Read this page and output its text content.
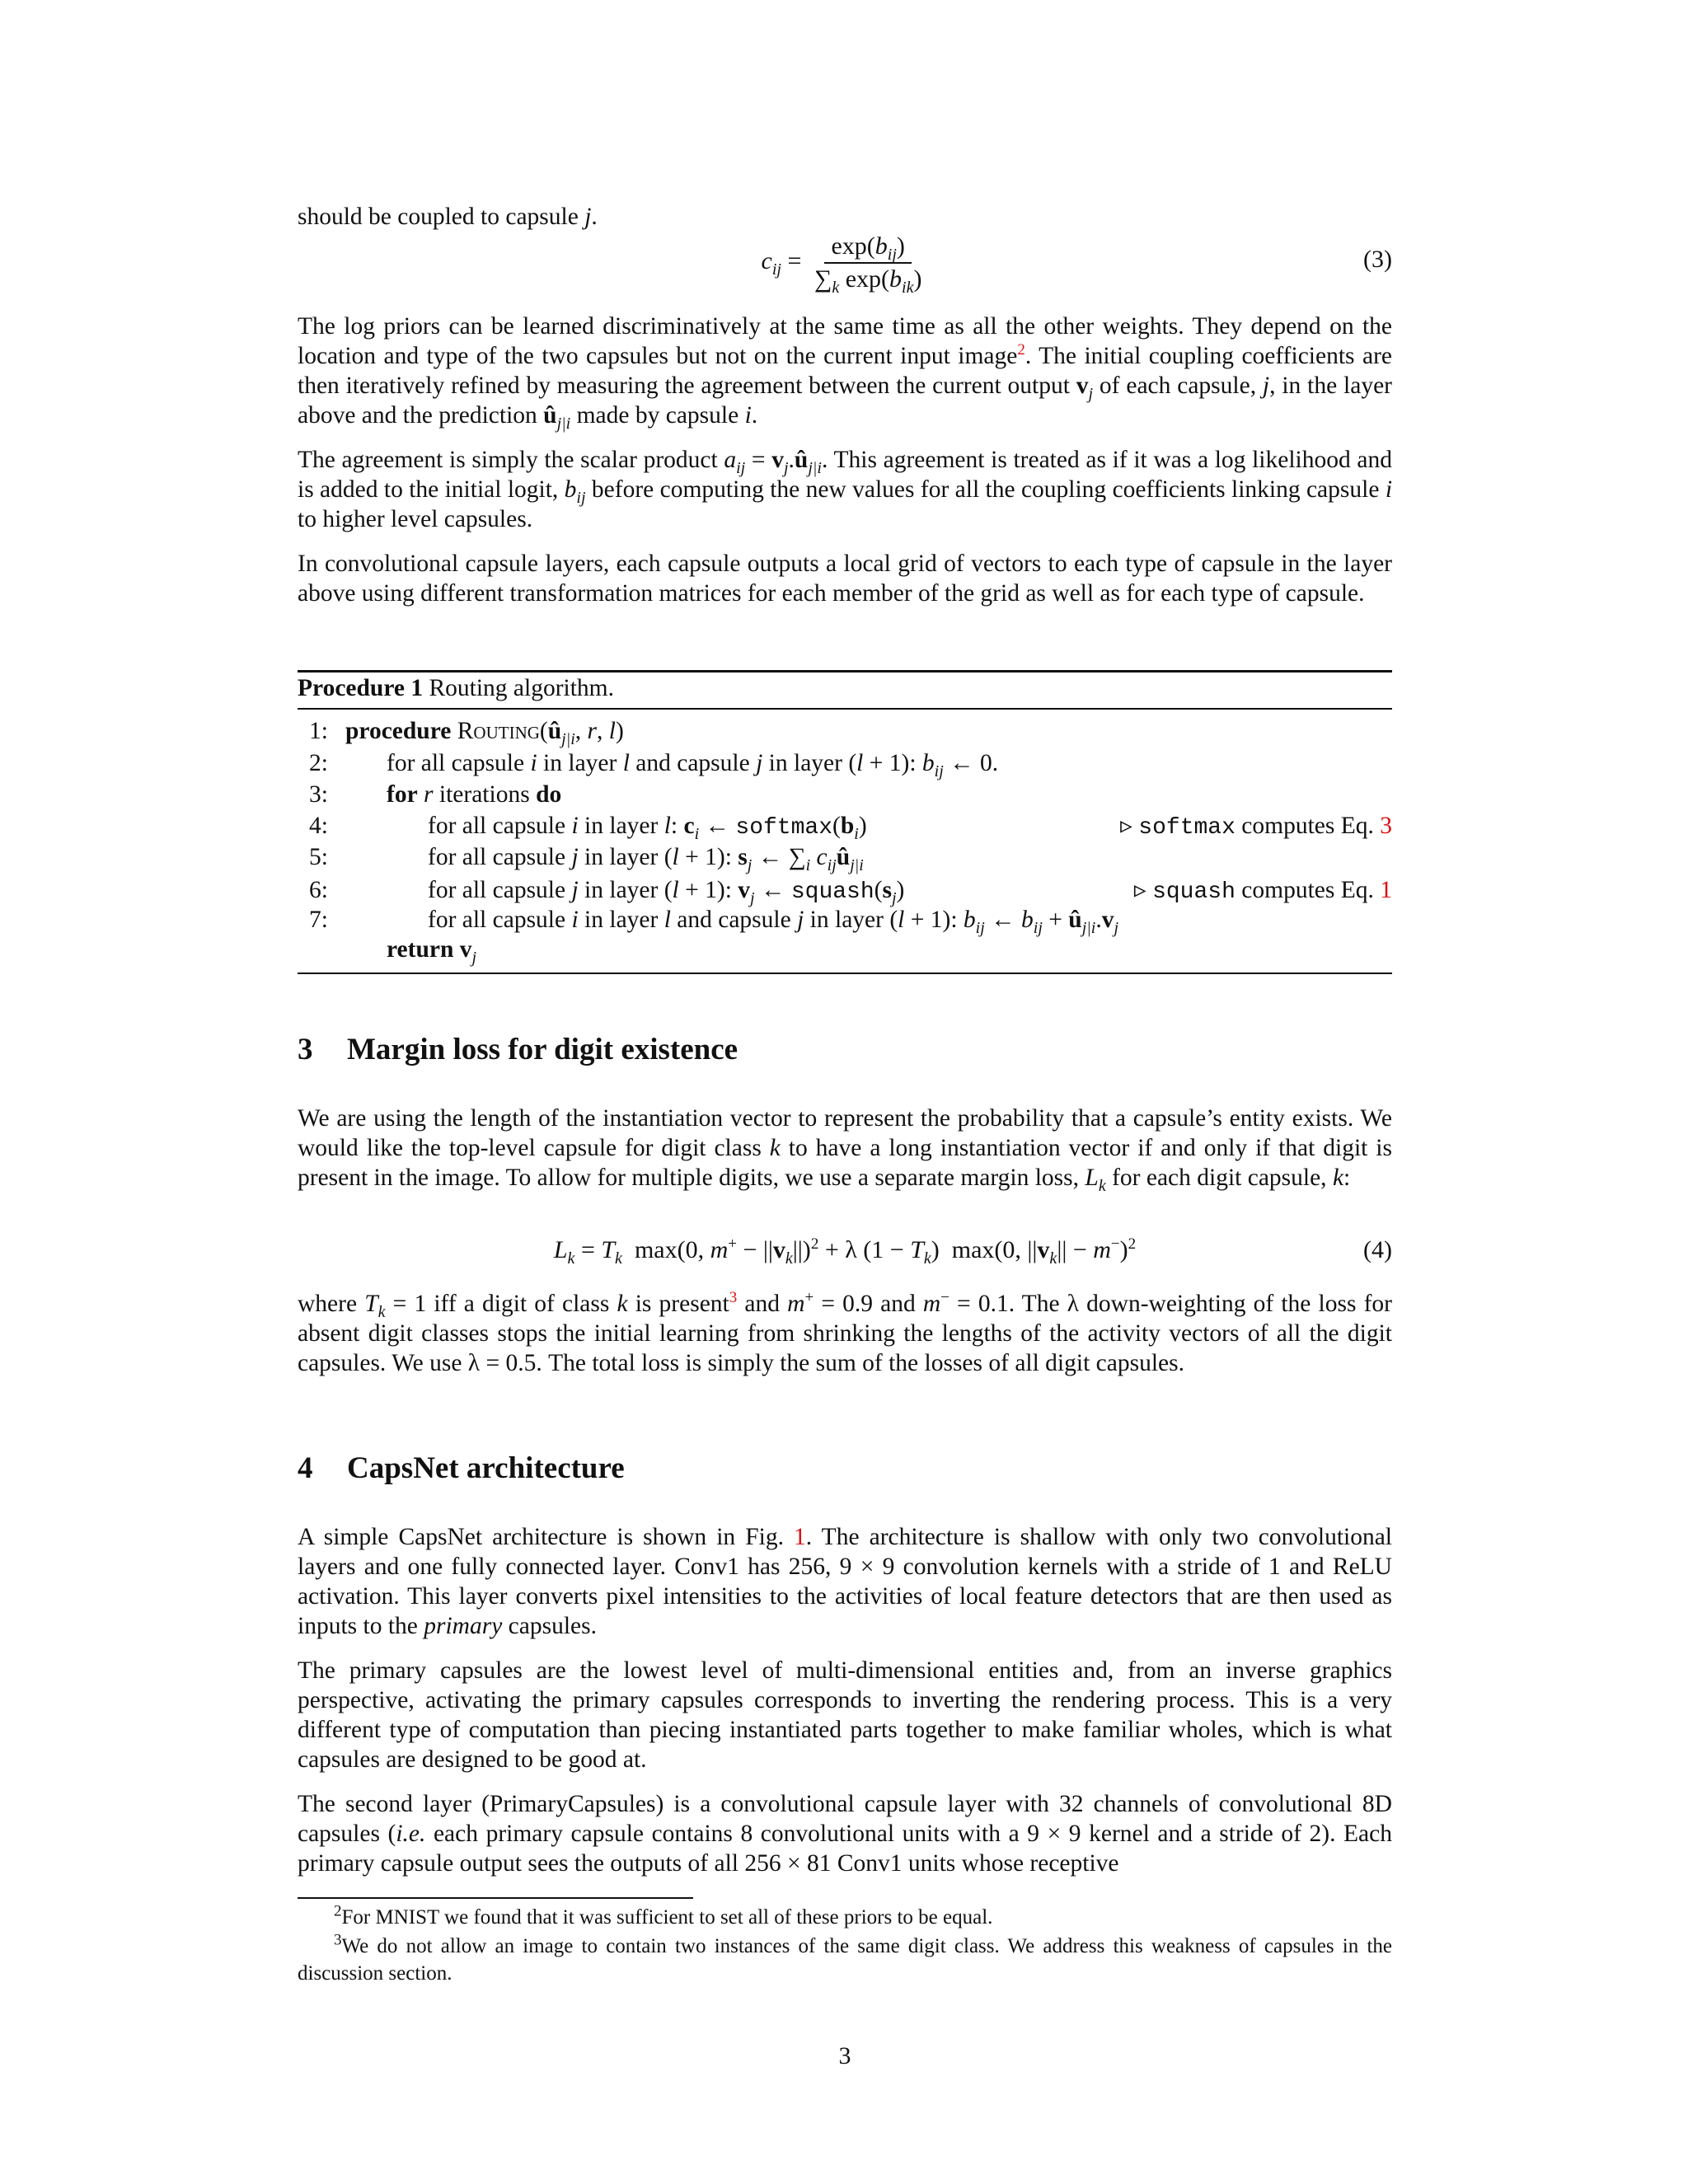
should be coupled to capsule j.

$c_{ij} = \frac{\exp(b_{ij})}{\sum_k \exp(b_{ik})}$	(3)

The log priors can be learned discriminatively at the same time as all the other weights. They depend on the location and type of the two capsules but not on the current input image$^2$. The initial coupling coefficients are then iteratively refined by measuring the agreement between the current output $v_j$ of each capsule, j, in the layer above and the prediction $û_{j|i}$ made by capsule i.

The agreement is simply the scalar product $a_{ij}$ = $v_j.û_{j|i}$. This agreement is treated as if it was a log likelihood and is added to the initial logit, $b_{ij}$ before computing the new values for all the coupling coefficients linking capsule i to higher level capsules.

In convolutional capsule layers, each capsule outputs a local grid of vectors to each type of capsule in the layer above using different transformation matrices for each member of the grid as well as for each type of capsule.

Procedure 1 Routing algorithm.
1: procedure $Routing(û_{j|i}$, r, l)
2:	for all capsule i in layer l and capsule j in layer (l + 1): $b_{ij}$ ← 0.
3:	for r iterations do
4:	for all capsule i in layer l: $c_i$ ← $softmax(b_i)$	▹ softmax computes Eq. 3
5:	for all capsule j in layer (l + 1): $s_j$ ← $\sum_i$ $c_{ij}û_{j|i}$
6:	for all capsule j in layer (l + 1): $v_j$ ← $squash(s_j)$	▹ squash computes Eq. 1
7:	for all capsule i in layer l and capsule j in layer (l + 1): $b_{ij}$ ← $b_{ij}$ + $û_{j|i}.v_j$
return $v_j$
3 Margin loss for digit existence

We are using the length of the instantiation vector to represent the probability that a capsule’s entity exists. We would like the top-level capsule for digit class k to have a long instantiation vector if and only if that digit is present in the image. To allow for multiple digits, we use a separate margin loss, $L_k$ for each digit capsule, k:

$L_k = T_k$  max(0, $m^+ - ||v_k||)^2 + \lambda$ $(1 - T_k)$  max(0, $||v_k|| - m^-)^2$	(4)

where $T_k = 1$ iff a digit of class k is present$^3$ and m+ = 0.9 and m− = 0.1. The λ down-weighting of the loss for absent digit classes stops the initial learning from shrinking the lengths of the activity vectors of all the digit capsules. We use λ = 0.5. The total loss is simply the sum of the losses of all digit capsules.

4 CapsNet architecture

A simple CapsNet architecture is shown in Fig. 1. The architecture is shallow with only two convolutional layers and one fully connected layer. Conv1 has 256, 9 × 9 convolution kernels with a stride of 1 and ReLU activation. This layer converts pixel intensities to the activities of local feature detectors that are then used as inputs to the primary capsules.

The primary capsules are the lowest level of multi-dimensional entities and, from an inverse graphics perspective, activating the primary capsules corresponds to inverting the rendering process. This is a very different type of computation than piecing instantiated parts together to make familiar wholes, which is what capsules are designed to be good at.

The second layer (PrimaryCapsules) is a convolutional capsule layer with 32 channels of convolutional 8D capsules (i.e. each primary capsule contains 8 convolutional units with a 9 × 9 kernel and a stride of 2). Each primary capsule output sees the outputs of all 256 × 81 Conv1 units whose receptive

$^2$For MNIST we found that it was sufficient to set all of these priors to be equal.
$^3$We do not allow an image to contain two instances of the same digit class. We address this weakness of capsules in the discussion section.
3
